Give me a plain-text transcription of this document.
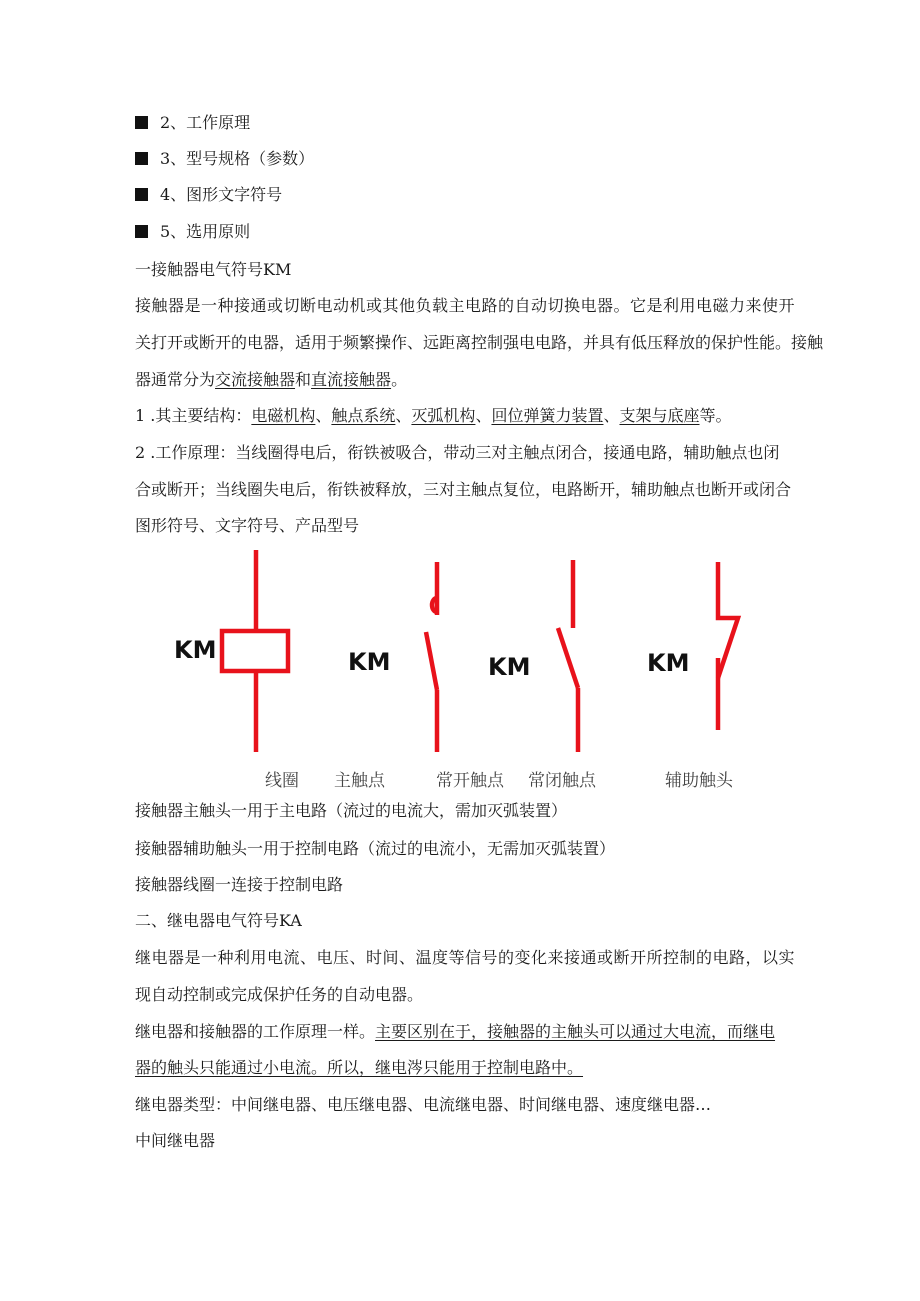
2、工作原理
3、型号规格（参数）
4、图形文字符号
5、选用原则
一接触器电气符号KM
接触器是一种接通或切断电动机或其他负载主电路的自动切换电器。它是利用电磁力来使开
关打开或断开的电器，适用于频繁操作、远距离控制强电电路，并具有低压释放的保护性能。接触
器通常分为交流接触器和直流接触器。
1 .其主要结构：电磁机构、触点系统、灭弧机构、回位弹簧力装置、支架与底座等。
2 .工作原理：当线圈得电后，衔铁被吸合，带动三对主触点闭合，接通电路，辅助触点也闭
合或断开；当线圈失电后，衔铁被释放，三对主触点复位，电路断开，辅助触点也断开或闭合
图形符号、文字符号、产品型号
KM	KM	KM	KM
线圈 主触点	常开触点 常闭触点	辅助触头
接触器主触头一用于主电路（流过的电流大，需加灭弧装置）
接触器辅助触头一用于控制电路（流过的电流小，无需加灭弧装置）
接触器线圈一连接于控制电路
二、继电器电气符号KA
继电器是一种利用电流、电压、时间、温度等信号的变化来接通或断开所控制的电路，以实
现自动控制或完成保护任务的自动电器。
继电器和接触器的工作原理一样。主要区别在于，接触器的主触头可以通过大电流，而继电
器的触头只能通过小电流。所以，继电涔只能用于控制电路中。
继电器类型：中间继电器、电压继电器、电流继电器、时间继电器、速度继电器…
中间继电器
